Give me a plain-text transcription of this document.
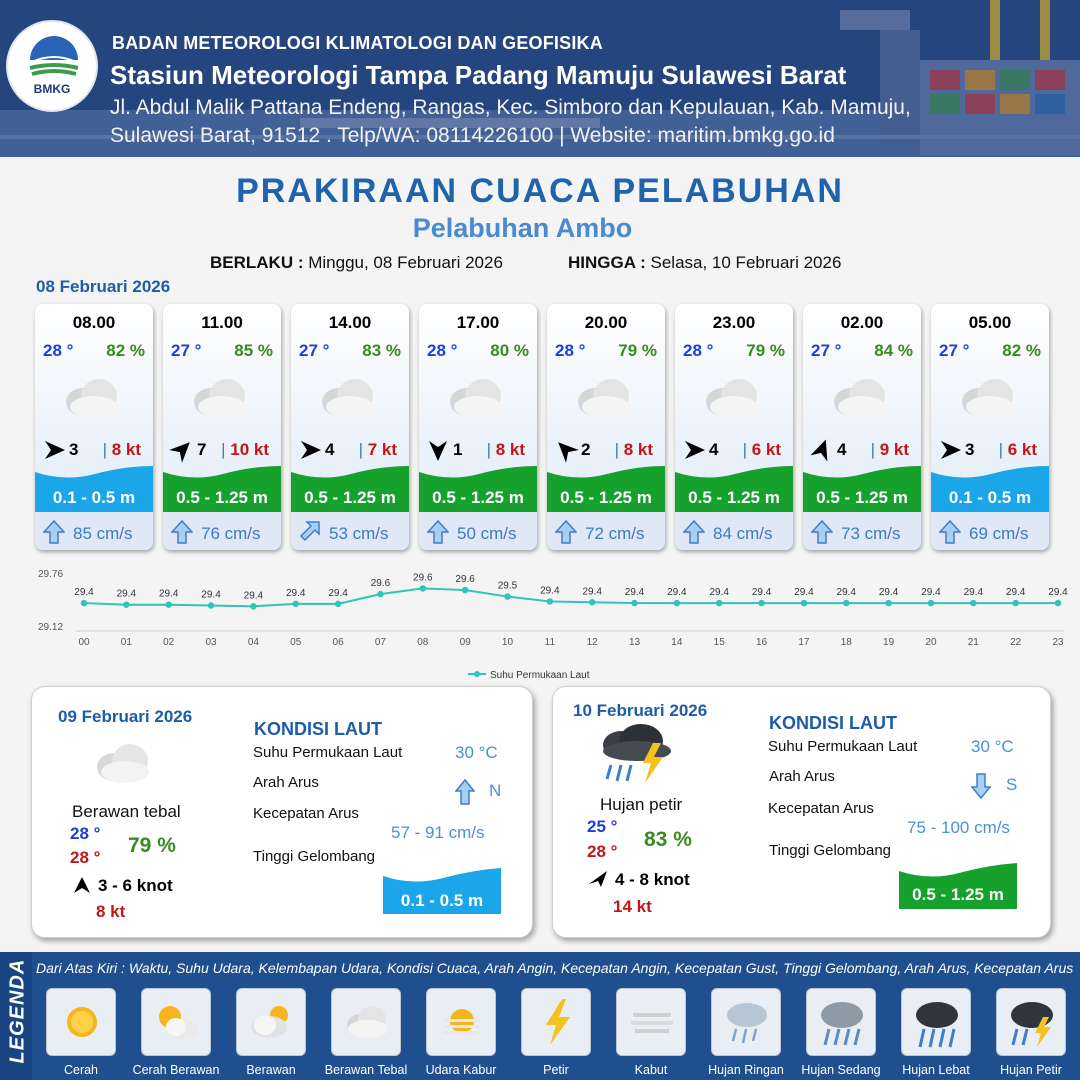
BMKG
BADAN METEOROLOGI KLIMATOLOGI DAN GEOFISIKA
Stasiun Meteorologi Tampa Padang Mamuju Sulawesi Barat
Jl. Abdul Malik Pattana Endeng, Rangas, Kec. Simboro dan Kepulauan, Kab. Mamuju,
Sulawesi Barat, 91512 . Telp/WA: 08114226100 | Website: maritim.bmkg.go.id
PRAKIRAAN CUACA PELABUHAN
Pelabuhan Ambo
BERLAKU : Minggu, 08 Februari 2026	HINGGA : Selasa, 10 Februari 2026
08 Februari 2026
08.00
28 ° 82 %
3 | 8 kt
0.1 - 0.5 m
85 cm/s
11.00
27 ° 85 %
7 | 10 kt
0.5 - 1.25 m
76 cm/s
14.00
27 ° 83 %
4 | 7 kt
0.5 - 1.25 m
53 cm/s
17.00
28 ° 80 %
1 | 8 kt
0.5 - 1.25 m
50 cm/s
20.00
28 ° 79 %
2 | 8 kt
0.5 - 1.25 m
72 cm/s
23.00
28 ° 79 %
4 | 6 kt
0.5 - 1.25 m
84 cm/s
02.00
27 ° 84 %
4 | 9 kt
0.5 - 1.25 m
73 cm/s
05.00
27 ° 82 %
3 | 6 kt
0.1 - 0.5 m
69 cm/s
29.76
29.12
29.4
00
29.4
01
29.4
02
29.4
03
29.4
04
29.4
05
29.4
06
29.6
07
29.6
08
29.6
09
29.5
10
29.4
11
29.4
12
29.4
13
29.4
14
29.4
15
29.4
16
29.4
17
29.4
18
29.4
19
29.4
20
29.4
21
29.4
22
29.4
23
Suhu Permukaan Laut
09 Februari 2026
Berawan tebal
28 °
28 °
79 %
3 - 6 knot
8 kt
KONDISI LAUT
Suhu Permukaan Laut	30 °C
Arah Arus	N
Kecepatan Arus
57 - 91 cm/s
Tinggi Gelombang
0.1 - 0.5 m
10 Februari 2026
Hujan petir
25 °
28 °
83 %
4 - 8 knot
14 kt
KONDISI LAUT
Suhu Permukaan Laut	30 °C
Arah Arus	S
Kecepatan Arus
75 - 100 cm/s
Tinggi Gelombang
0.5 - 1.25 m
LEGENDA Dari Atas Kiri : Waktu, Suhu Udara, Kelembapan Udara, Kondisi Cuaca, Arah Angin, Kecepatan Angin, Kecepatan Gust, Tinggi Gelombang, Arah Arus, Kecepatan Arus
Cerah	Cerah Berawan	Berawan	Berawan Tebal	Udara Kabur	Petir	Kabut	Hujan Ringan	Hujan Sedang	Hujan Lebat	Hujan Petir
